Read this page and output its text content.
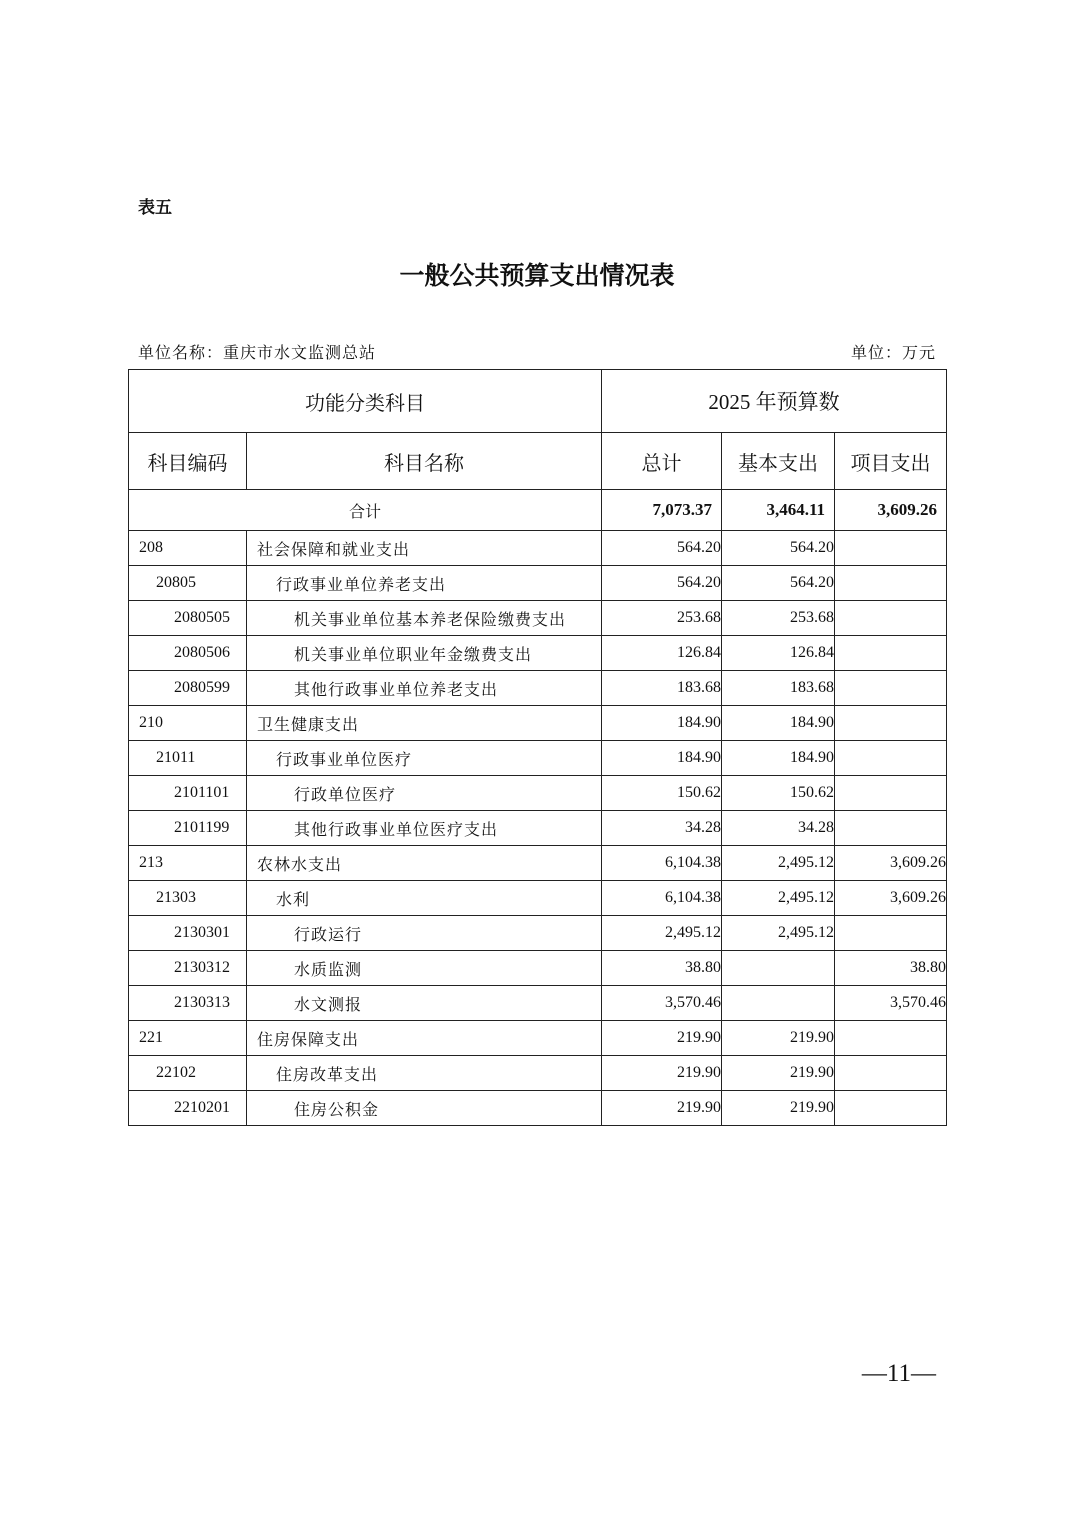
表五
一般公共预算支出情况表
单位名称：重庆市水文监测总站	单位：万元
功能分类科目		2025 年预算数		
科目编码	科目名称	总计	基本支出	项目支出
合计		7,073.37	3,464.11	3,609.26
208	社会保障和就业支出	564.20	564.20	
20805	行政事业单位养老支出	564.20	564.20	
2080505	机关事业单位基本养老保险缴费支出	253.68	253.68	
2080506	机关事业单位职业年金缴费支出	126.84	126.84	
2080599	其他行政事业单位养老支出	183.68	183.68	
210	卫生健康支出	184.90	184.90	
21011	行政事业单位医疗	184.90	184.90	
2101101	行政单位医疗	150.62	150.62	
2101199	其他行政事业单位医疗支出	34.28	34.28	
213	农林水支出	6,104.38	2,495.12	3,609.26
21303	水利	6,104.38	2,495.12	3,609.26
2130301	行政运行	2,495.12	2,495.12	
2130312	水质监测	38.80		38.80
2130313	水文测报	3,570.46		3,570.46
221	住房保障支出	219.90	219.90	
22102	住房改革支出	219.90	219.90	
2210201	住房公积金	219.90	219.90	
—11—
